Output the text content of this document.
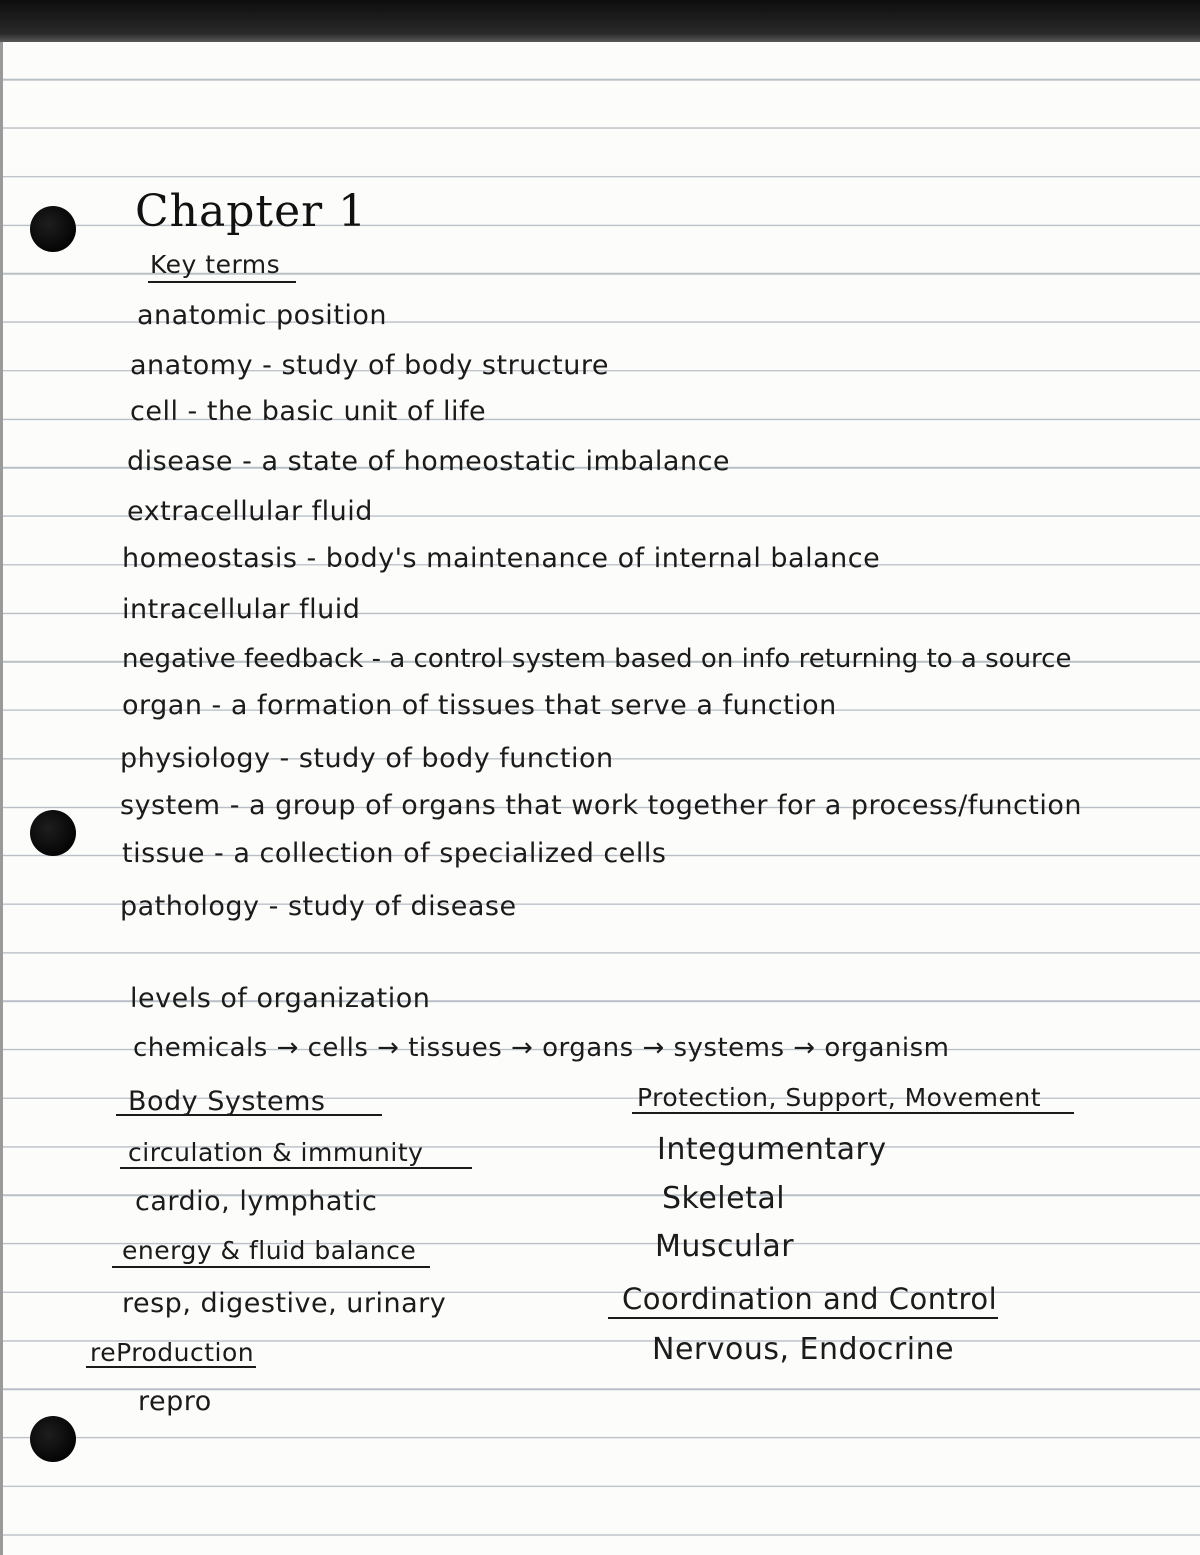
Chapter 1
Key terms
anatomic position
anatomy - study of body structure
cell - the basic unit of life
disease - a state of homeostatic imbalance
extracellular fluid
homeostasis - body's maintenance of internal balance
intracellular fluid
negative feedback - a control system based on info returning to a source
organ - a formation of tissues that serve a function
physiology - study of body function
system - a group of organs that work together for a process/function
tissue - a collection of specialized cells
pathology - study of disease
levels of organization
chemicals → cells → tissues → organs → systems → organism
Body Systems
circulation & immunity
cardio, lymphatic
energy & fluid balance
resp, digestive, urinary
reProduction
repro
Protection, Support, Movement
Integumentary
Skeletal
Muscular
Coordination and Control
Nervous, Endocrine
